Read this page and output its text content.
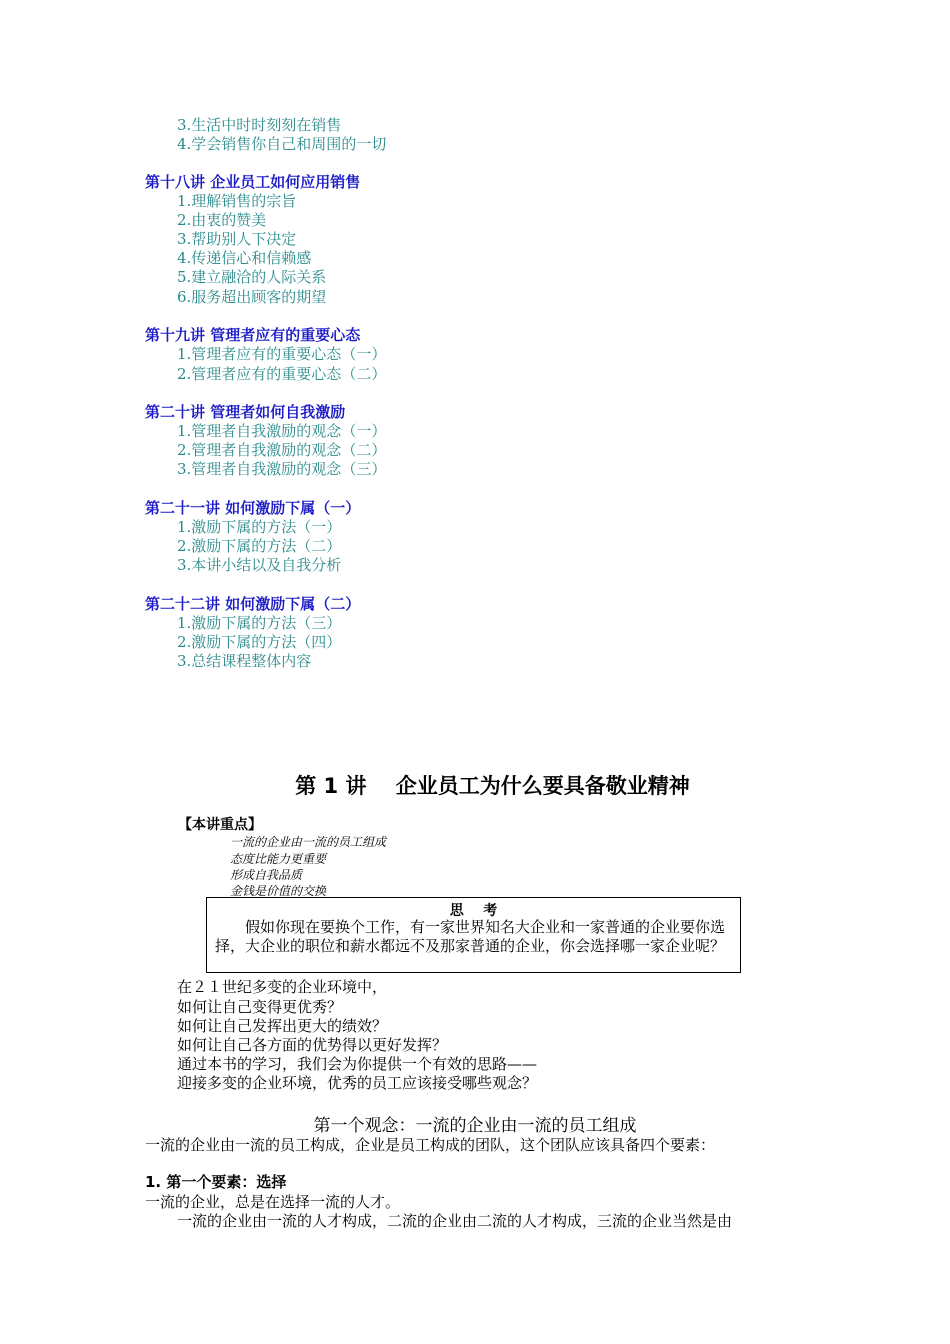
3.生活中时时刻刻在销售
4.学会销售你自己和周围的一切
第十八讲 企业员工如何应用销售
1.理解销售的宗旨
2.由衷的赞美
3.帮助别人下决定
4.传递信心和信赖感
5.建立融洽的人际关系
6.服务超出顾客的期望
第十九讲 管理者应有的重要心态
1.管理者应有的重要心态（一）
2.管理者应有的重要心态（二）
第二十讲 管理者如何自我激励
1.管理者自我激励的观念（一）
2.管理者自我激励的观念（二）
3.管理者自我激励的观念（三）
第二十一讲 如何激励下属（一）
1.激励下属的方法（一）
2.激励下属的方法（二）
3.本讲小结以及自我分析
第二十二讲 如何激励下属（二）
1.激励下属的方法（三）
2.激励下属的方法（四）
3.总结课程整体内容
第 1 讲    企业员工为什么要具备敬业精神
【本讲重点】
一流的企业由一流的员工组成
态度比能力更重要
形成自我品质
金钱是价值的交换
思    考
假如你现在要换个工作，有一家世界知名大企业和一家普通的企业要你选择，大企业的职位和薪水都远不及那家普通的企业，你会选择哪一家企业呢？
在２１世纪多变的企业环境中，
如何让自己变得更优秀？
如何让自己发挥出更大的绩效？
如何让自己各方面的优势得以更好发挥？
通过本书的学习，我们会为你提供一个有效的思路——
迎接多变的企业环境，优秀的员工应该接受哪些观念？
第一个观念：一流的企业由一流的员工组成
一流的企业由一流的员工构成，企业是员工构成的团队，这个团队应该具备四个要素：
1. 第一个要素：选择
一流的企业，总是在选择一流的人才。
一流的企业由一流的人才构成，二流的企业由二流的人才构成，三流的企业当然是由
